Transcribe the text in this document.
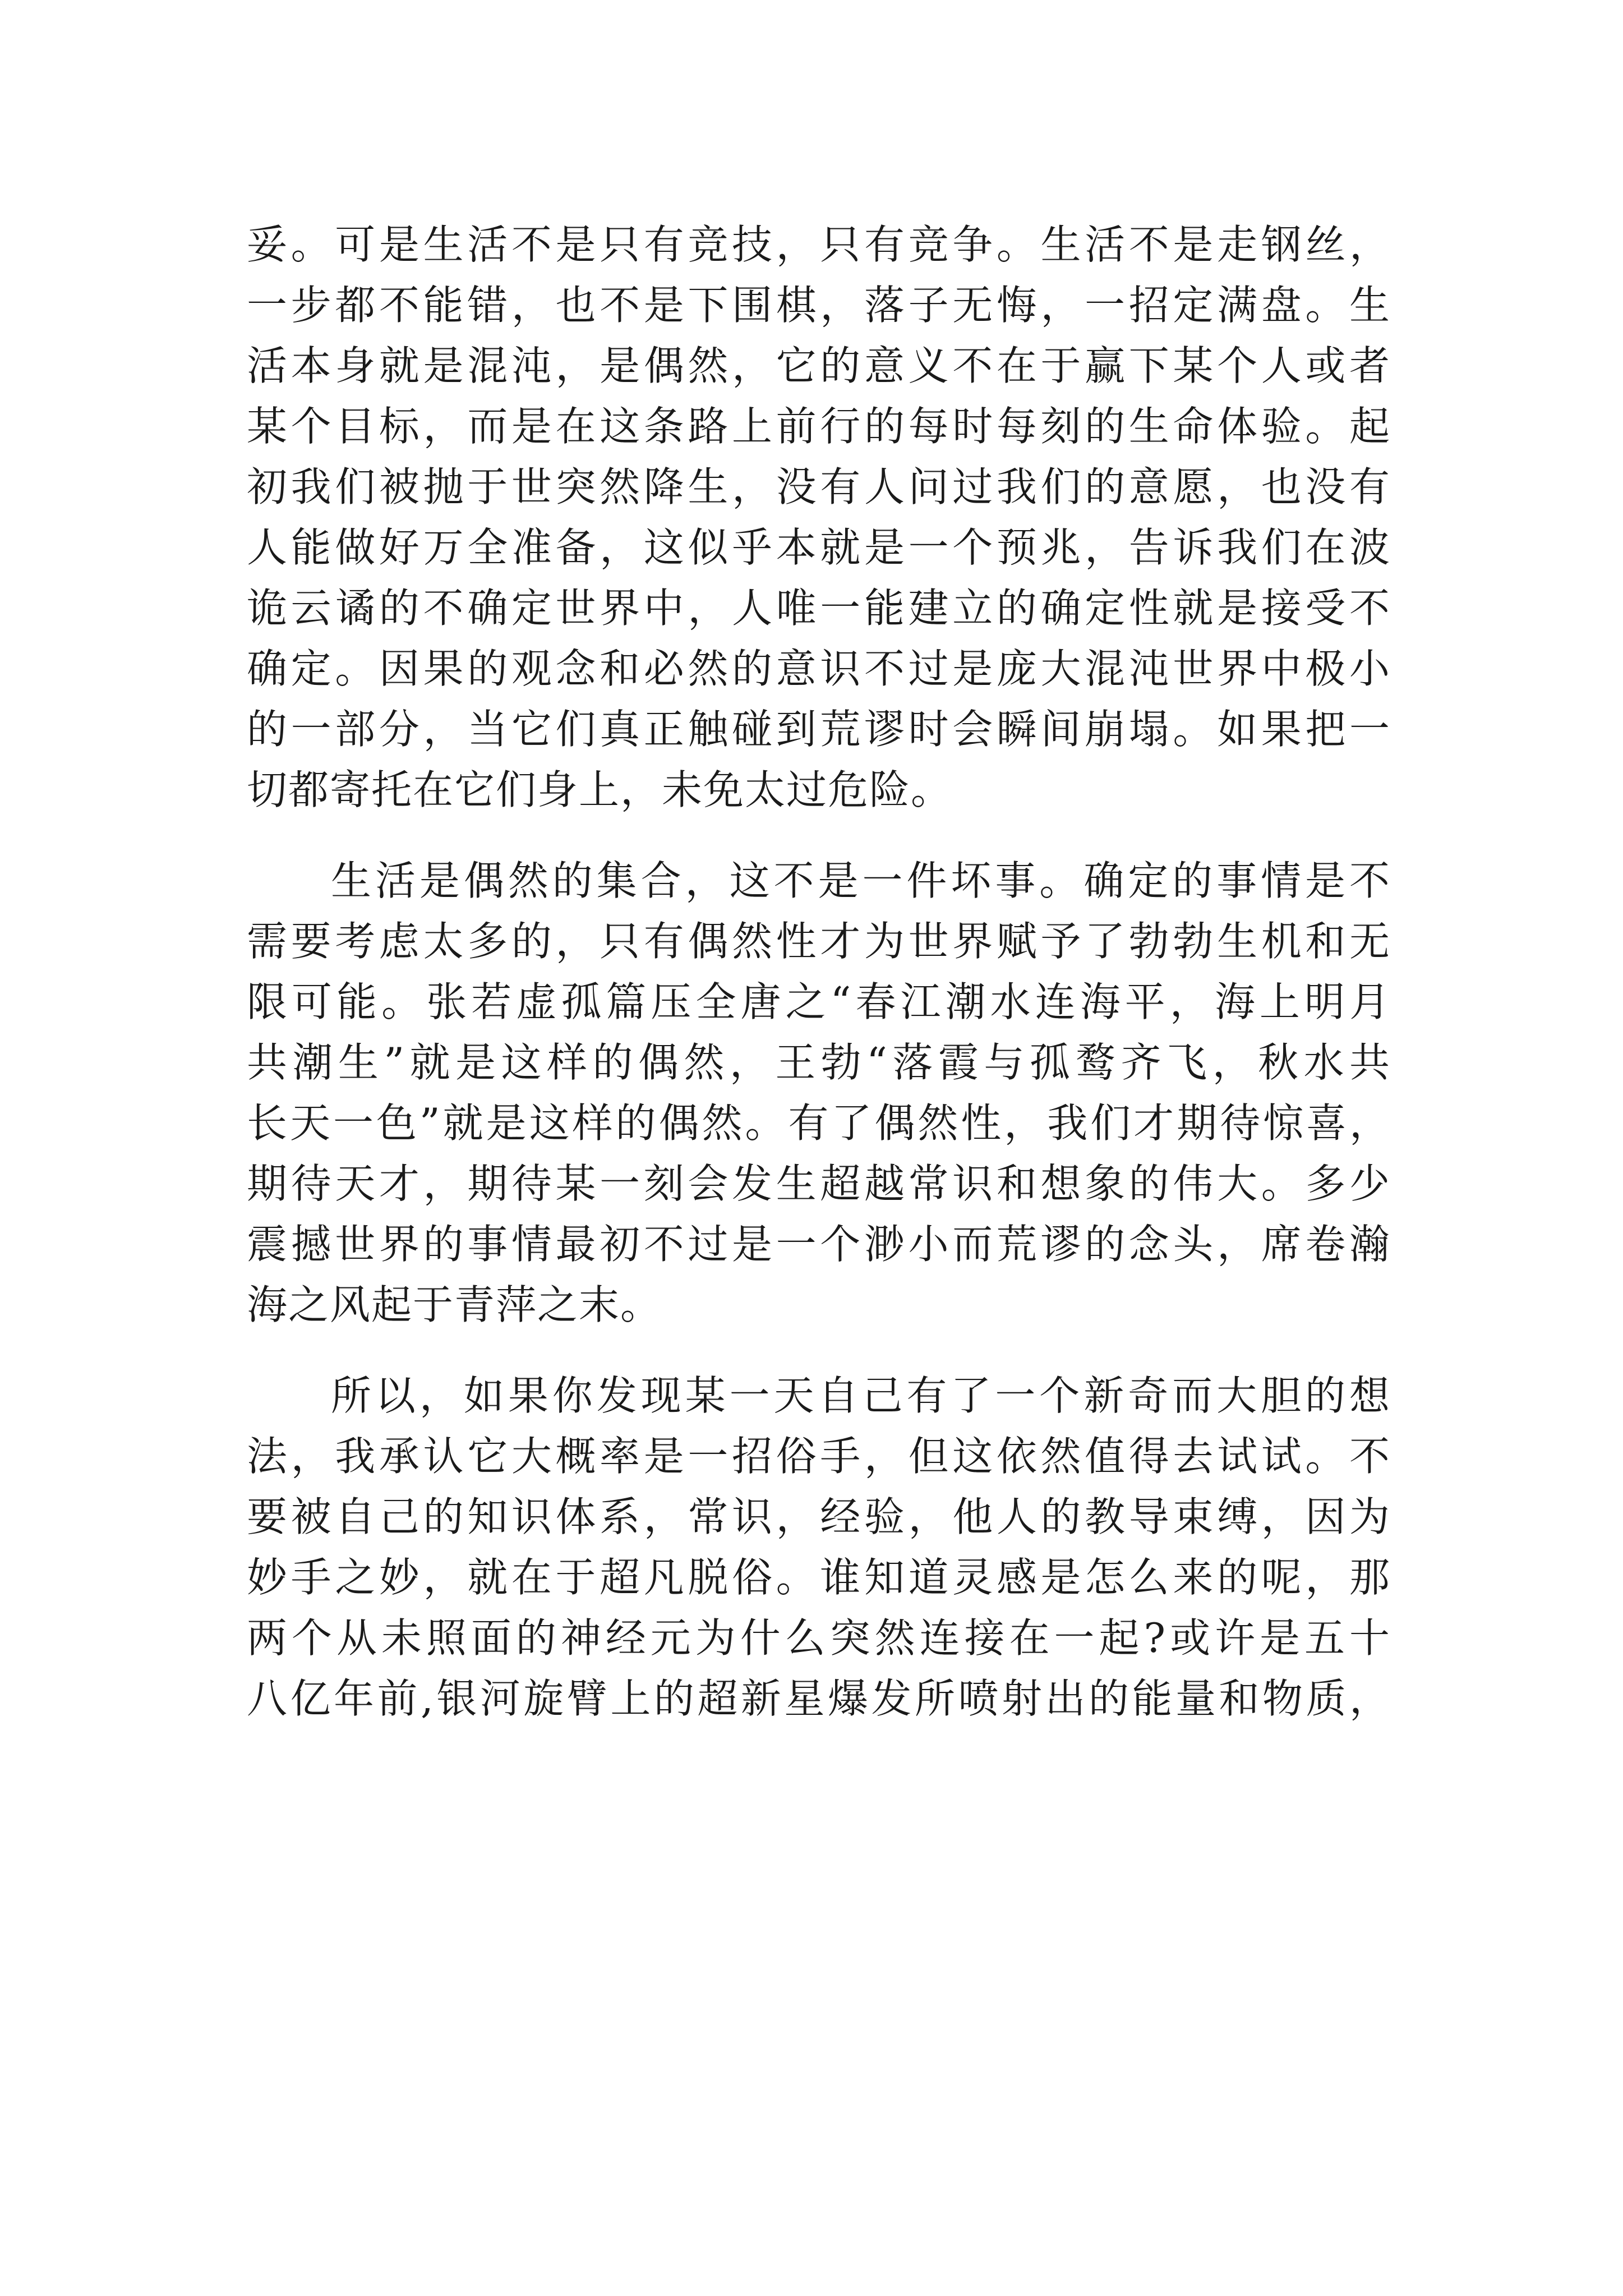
妥。可是生活不是只有竞技，只有竞争。生活不是走钢丝，
一步都不能错，也不是下围棋，落子无悔，一招定满盘。生
活本身就是混沌，是偶然，它的意义不在于赢下某个人或者
某个目标，而是在这条路上前行的每时每刻的生命体验。起
初我们被抛于世突然降生，没有人问过我们的意愿，也没有
人能做好万全准备，这似乎本就是一个预兆，告诉我们在波
诡云谲的不确定世界中，人唯一能建立的确定性就是接受不
确定。因果的观念和必然的意识不过是庞大混沌世界中极小
的一部分，当它们真正触碰到荒谬时会瞬间崩塌。如果把一
切都寄托在它们身上，未免太过危险。
生活是偶然的集合，这不是一件坏事。确定的事情是不
需要考虑太多的，只有偶然性才为世界赋予了勃勃生机和无
限可能。张若虚孤篇压全唐之“春江潮水连海平，海上明月
共潮生”就是这样的偶然，王勃“落霞与孤鹜齐飞，秋水共
长天一色”就是这样的偶然。有了偶然性，我们才期待惊喜，
期待天才，期待某一刻会发生超越常识和想象的伟大。多少
震撼世界的事情最初不过是一个渺小而荒谬的念头，席卷瀚
海之风起于青萍之末。
所以，如果你发现某一天自己有了一个新奇而大胆的想
法，我承认它大概率是一招俗手，但这依然值得去试试。不
要被自己的知识体系，常识，经验，他人的教导束缚，因为
妙手之妙，就在于超凡脱俗。谁知道灵感是怎么来的呢，那
两个从未照面的神经元为什么突然连接在一起?或许是五十
八亿年前,银河旋臂上的超新星爆发所喷射出的能量和物质，
